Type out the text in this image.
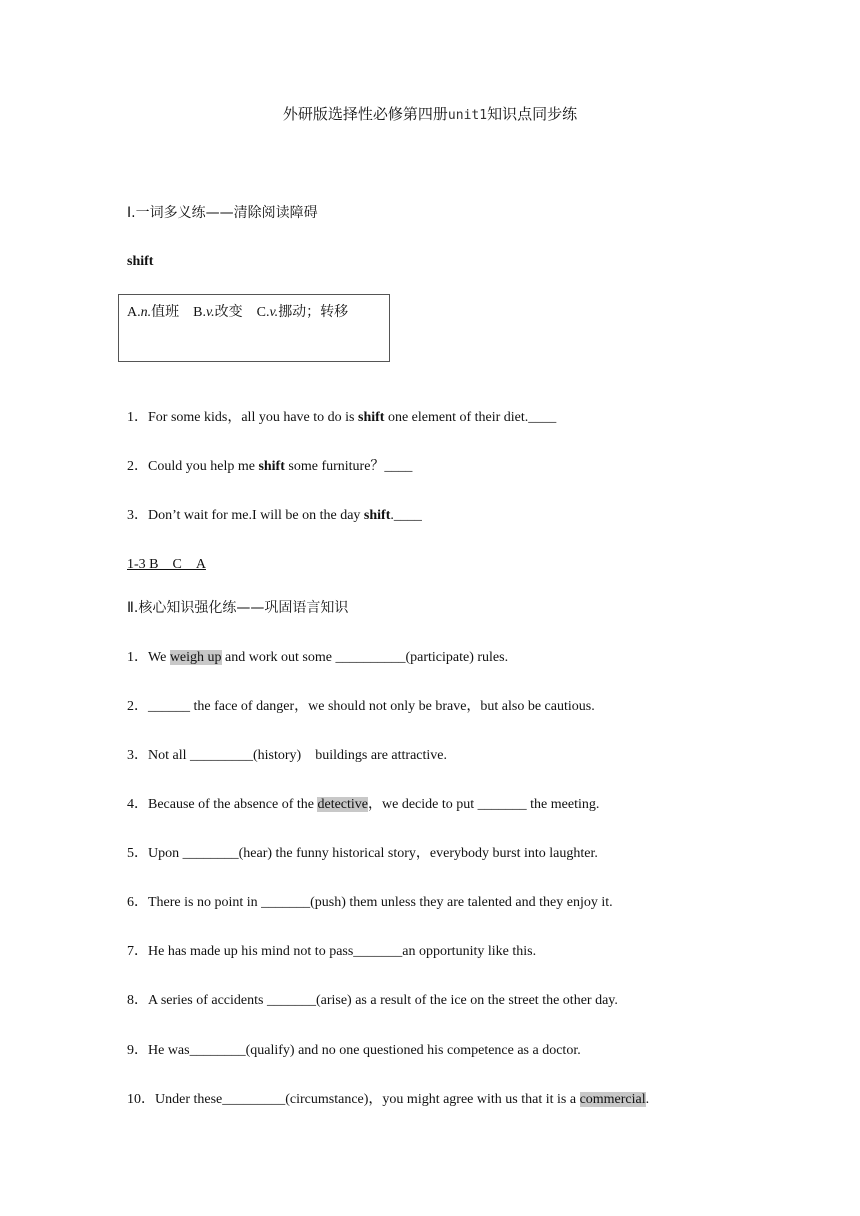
外研版选择性必修第四册unit1知识点同步练
Ⅰ.一词多义练——清除阅读障碍
shift
A.n.值班 B.v.改变 C.v.挪动；转移
1．For some kids，all you have to do is shift one element of their diet.____
2．Could you help me shift some furniture？____
3．Don’t wait for me.I will be on the day shift.____
1-3 B　C　A
Ⅱ.核心知识强化练——巩固语言知识
1．We weigh up and work out some __________(participate) rules.
2．______ the face of danger，we should not only be brave，but also be cautious.
3．Not all _________(history)　buildings are attractive.
4．Because of the absence of the detective，we decide to put _______ the meeting.
5．Upon ________(hear) the funny historical story，everybody burst into laughter.
6．There is no point in _______(push) them unless they are talented and they enjoy it.
7．He has made up his mind not to pass_______an opportunity like this.
8．A series of accidents _______(arise) as a result of the ice on the street the other day.
9．He was________(qualify) and no one questioned his competence as a doctor.
10．Under these_________(circumstance)，you might agree with us that it is a commercial.
